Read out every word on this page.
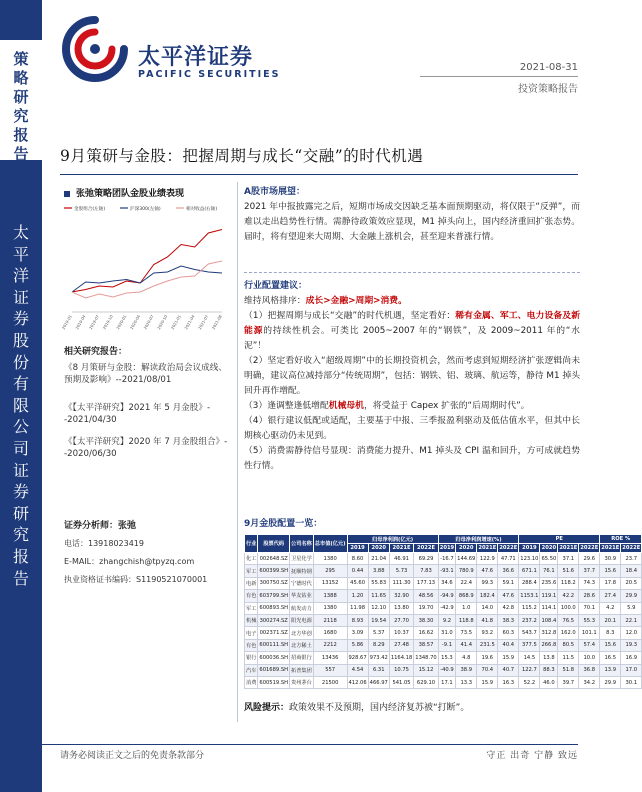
策略研究报告
太平洋证券股份有限公司证券研究报告
太平洋证券
PACIFIC SECURITIES
2021-08-31
投资策略报告
9月策研与金股：把握周期与成长“交融”的时代机遇
张弛策略团队金股业绩表现
金股组合(左轴)	沪深300(左轴)	相对收益(右轴)
2019-01 2019-04 2019-07 2019-10 2020-01 2020-04 2020-07 2020-10 2021-01 2021-04 2021-07 2021-08
相关研究报告：
《8 月策研与金股：解读政治局会议成线、预期及影响》--2021/08/01
《【太平洋研究】2021 年 5 月金股》--2021/04/30
《【太平洋研究】2020 年 7 月金股组合》--2020/06/30
证券分析师：张弛
电话：13918023419
E-MAIL：zhangchish@tpyzq.com
执业资格证书编码：S1190521070001
A股市场展望：
2021 年中报披露完之后，短期市场成交因缺乏基本面预期驱动，将仅限于“反弹”，而难以走出趋势性行情。需静待政策效应显现，M1 掉头向上，国内经济重回扩张态势。届时，将有望迎来大周期、大金融上涨机会，甚至迎来普涨行情。
行业配置建议：
维持风格排序：成长>金融>周期>消费。
（1）把握周期与成长“交融”的时代机遇，坚定看好：稀有金属、军工、电力设备及新能源的持续性机会。可类比 2005~2007 年的“钢铁”，及 2009~2011 年的“水泥”！
（2）坚定看好收入“超级周期”中的长期投资机会，然而考虑到短期经济扩张逻辑尚未明确，建议高位减持部分“传统周期”，包括：钢铁、铝、玻璃、航运等，静待 M1 掉头回升再作增配。
（3）逢调整逢低增配机械母机，将受益于 Capex 扩张的“后周期时代”。
（4）银行建议低配或适配，主要基于中报、三季报盈利驱动及低估值水平，但其中长期核心驱动仍未见到。
（5）消费需静待信号显现：消费能力提升、M1 掉头及 CPI 温和回升，方可成就趋势性行情。
9月金股配置一览：
行业	股票代码	公司名称	总市值(亿元)	归母净利润(亿元)				归母净利润增速(%)				PE				ROE %	
				2019	2020	2021E	2022E	2019	2020	2021E	2022E	2019	2020	2021E	2022E	2021E	2022E
化工	002648.SZ	卫星化学	1380	8.60	21.04	46.91	69.29	-16.7	144.69	122.9	47.71	123.10	65.50	37.1	29.6	30.9	23.7
军工	600399.SH	抚顺特钢	295	0.44	3.88	5.73	7.83	-93.1	780.9	47.6	36.6	671.1	76.1	51.6	37.7	15.6	18.4
电新	300750.SZ	宁德时代	13152	45.60	55.83	111.30	177.13	34.6	22.4	99.3	59.1	288.4	235.6	118.2	74.3	17.8	20.5
有色	603799.SH	华友钴业	1388	1.20	11.65	32.90	48.56	-94.9	868.9	182.4	47.6	1153.1	119.1	42.2	28.6	27.4	29.9
军工	600893.SH	航发动力	1380	11.98	12.10	13.80	19.70	-42.9	1.0	14.0	42.8	115.2	114.1	100.0	70.1	4.2	5.9
机械	300274.SZ	阳光电源	2118	8.93	19.54	27.70	38.30	9.2	118.8	41.8	38.3	237.2	108.4	76.5	55.3	20.1	22.1
电子	002371.SZ	北方华创	1680	3.09	5.37	10.37	16.62	31.0	73.5	93.2	60.3	543.7	312.8	162.0	101.1	8.3	12.0
有色	600111.SH	北方稀土	2212	5.86	8.29	27.48	38.57	-9.1	41.4	231.5	40.4	377.5	266.8	80.5	57.4	15.6	19.3
银行	600036.SH	招商银行	13436	928.67	973.42	1164.18	1348.70	15.3	4.8	19.6	15.9	14.5	13.8	11.5	10.0	16.5	16.9
汽车	601689.SH	拓普集团	557	4.54	6.31	10.75	15.12	-40.9	38.9	70.4	40.7	122.7	88.3	51.8	36.8	13.9	17.0
消费	600519.SH	贵州茅台	21500	412.06	466.97	541.05	629.10	17.1	13.3	15.9	16.3	52.2	46.0	39.7	34.2	29.9	30.1
风险提示：政策效果不及预期，国内经济复苏被“打断”。
请务必阅读正文之后的免责条款部分	守正 出奇 宁静 致远
